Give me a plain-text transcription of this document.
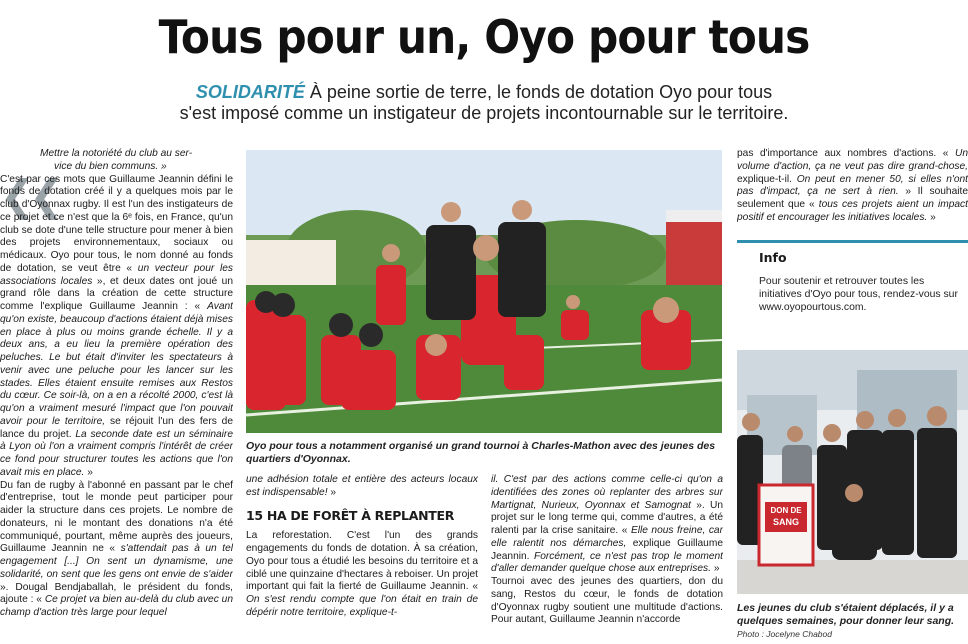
Tous pour un, Oyo pour tous
SOLIDARITÉ À peine sortie de terre, le fonds de dotation Oyo pour tous
s'est imposé comme un instigateur de projets incontournable sur le territoire.
❮❮

Mettre la notoriété du club au ser-
vice du bien communs. »
C'est par ces mots que Guillaume Jeannin défini le fonds de dotation créé il y a quelques mois par le club d'Oyonnax rugby. Il est l'un des instigateurs de ce projet et ce n'est que la 6ᵉ fois, en France, qu'un club se dote d'une telle structure pour mener à bien des projets environnementaux, sociaux ou médicaux. Oyo pour tous, le nom donné au fonds de dotation, se veut être « un vecteur pour les associations locales », et deux dates ont joué un grand rôle dans la création de cette structure comme l'explique Guillaume Jeannin : « Avant qu'on existe, beaucoup d'actions étaient déjà mises en place à plus ou moins grande échelle. Il y a deux ans, a eu lieu la première opération des peluches. Le but était d'inviter les spectateurs à venir avec une peluche pour les lancer sur les stades. Elles étaient ensuite remises aux Restos du cœur. Ce soir-là, on a en a récolté 2000, c'est là qu'on a vraiment mesuré l'impact que l'on pouvait avoir pour le territoire, se réjouit l'un des fers de lance du projet. La seconde date est un séminaire à Lyon où l'on a vraiment compris l'intérêt de créer ce fond pour structurer toutes les actions que l'on avait mis en place. »

Du fan de rugby à l'abonné en passant par le chef d'entreprise, tout le monde peut participer pour aider la structure dans ces projets. Le nombre de donateurs, ni le montant des donations n'a été communiqué, pourtant, même auprès des joueurs, Guillaume Jeannin ne « s'attendait pas à un tel engagement [...] On sent un dynamisme, une solidarité, on sent que les gens ont envie de s'aider ». Dougal Bendjaballah, le président du fonds, ajoute : « Ce projet va bien au-delà du club avec un champ d'action très large pour lequel

Oyo pour tous a notamment organisé un grand tournoi à Charles-Mathon avec des jeunes des quartiers d'Oyonnax.

une adhésion totale et entière des acteurs locaux est indispensable! »

15 HA DE FORÊT À REPLANTER

La reforestation. C'est l'un des grands engagements du fonds de dotation. À sa création, Oyo pour tous a étudié les besoins du territoire et a ciblé une quinzaine d'hectares à reboiser. Un projet important qui fait la fierté de Guillaume Jeannin. « On s'est rendu compte que l'on était en train de dépérir notre territoire, explique-t-

il. C'est par des actions comme celle-ci qu'on a identifiées des zones où replanter des arbres sur Martignat, Nurieux, Oyonnax et Samognat ». Un projet sur le long terme qui, comme d'autres, a été ralenti par la crise sanitaire. « Elle nous freine, car elle ralentit nos démarches, explique Guillaume Jeannin. Forcément, ce n'est pas trop le moment d'aller demander quelque chose aux entreprises. »

Tournoi avec des jeunes des quartiers, don du sang, Restos du cœur, le fonds de dotation d'Oyonnax rugby soutient une multitude d'actions. Pour autant, Guillaume Jeannin n'accorde

pas d'importance aux nombres d'actions. « Un volume d'action, ça ne veut pas dire grand-chose, explique-t-il. On peut en mener 50, si elles n'ont pas d'impact, ça ne sert à rien. » Il souhaite seulement que « tous ces projets aient un impact positif et encourager les initiatives locales. »

Info
Pour soutenir et retrouver toutes les initiatives d'Oyo pour tous, rendez-vous sur www.oyopourtous.com.
DON DE
SANG
Les jeunes du club s'étaient déplacés, il y a quelques semaines, pour donner leur sang.
Photo : Jocelyne Chabod
